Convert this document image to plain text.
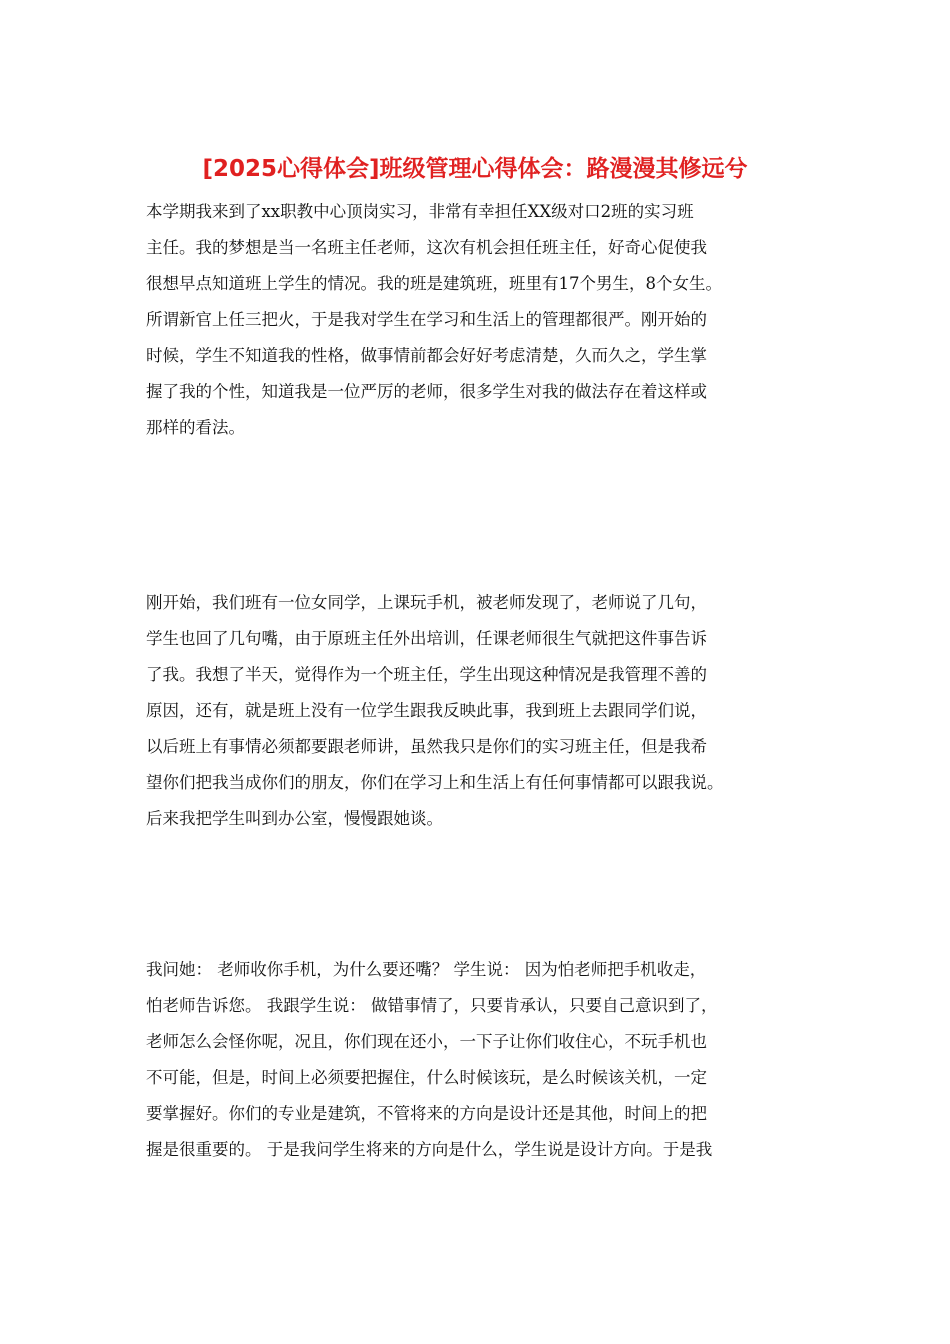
[2025心得体会]班级管理心得体会：路漫漫其修远兮
本学期我来到了xx职教中心顶岗实习，非常有幸担任XX级对口2班的实习班
主任。我的梦想是当一名班主任老师，这次有机会担任班主任，好奇心促使我
很想早点知道班上学生的情况。我的班是建筑班，班里有17个男生，8个女生。
所谓新官上任三把火，于是我对学生在学习和生活上的管理都很严。刚开始的
时候，学生不知道我的性格，做事情前都会好好考虑清楚，久而久之，学生掌
握了我的个性，知道我是一位严厉的老师，很多学生对我的做法存在着这样或
那样的看法。
刚开始，我们班有一位女同学，上课玩手机，被老师发现了，老师说了几句，
学生也回了几句嘴，由于原班主任外出培训，任课老师很生气就把这件事告诉
了我。我想了半天，觉得作为一个班主任，学生出现这种情况是我管理不善的
原因，还有，就是班上没有一位学生跟我反映此事，我到班上去跟同学们说，
以后班上有事情必须都要跟老师讲，虽然我只是你们的实习班主任，但是我希
望你们把我当成你们的朋友，你们在学习上和生活上有任何事情都可以跟我说。
后来我把学生叫到办公室，慢慢跟她谈。
我问她： 老师收你手机，为什么要还嘴？ 学生说： 因为怕老师把手机收走，
怕老师告诉您。 我跟学生说： 做错事情了，只要肯承认，只要自己意识到了，
老师怎么会怪你呢，况且，你们现在还小，一下子让你们收住心，不玩手机也
不可能，但是，时间上必须要把握住，什么时候该玩，是么时候该关机，一定
要掌握好。你们的专业是建筑，不管将来的方向是设计还是其他，时间上的把
握是很重要的。 于是我问学生将来的方向是什么，学生说是设计方向。于是我
